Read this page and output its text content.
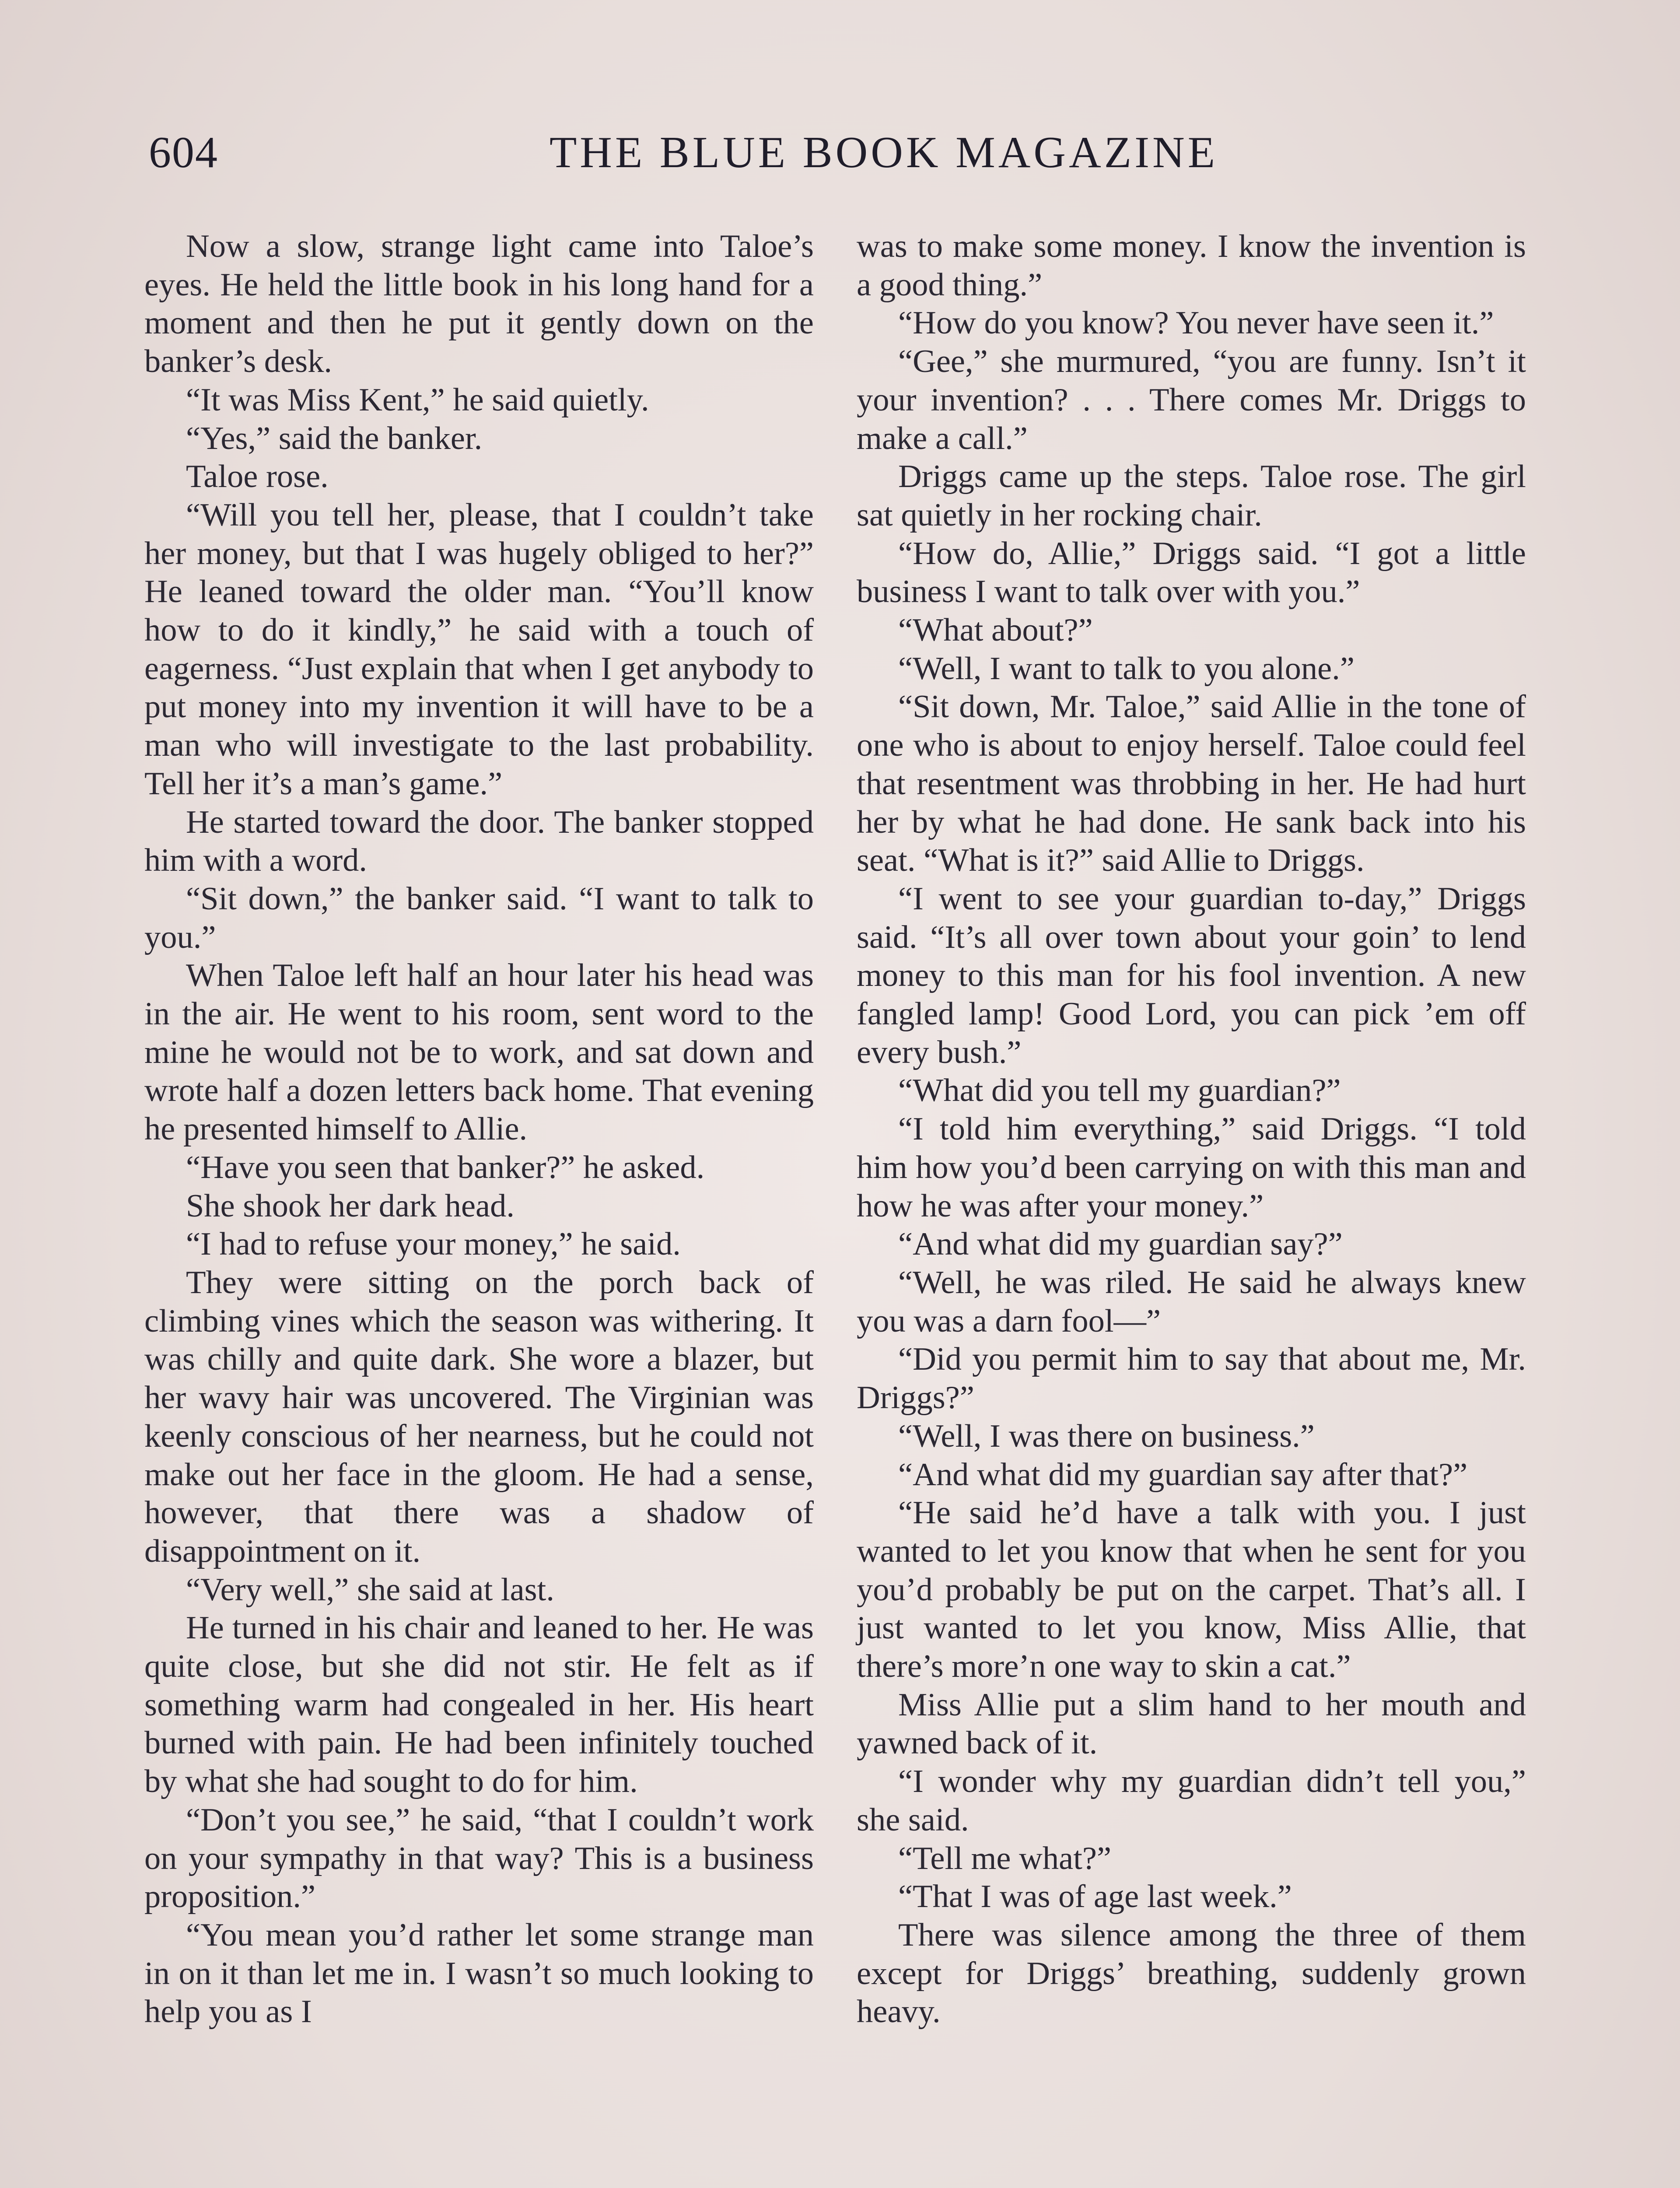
604	THE BLUE BOOK MAGAZINE

Now a slow, strange light came into Taloe’s eyes. He held the little book in his long hand for a moment and then he put it gently down on the banker’s desk.

“It was Miss Kent,” he said quietly.

“Yes,” said the banker.

Taloe rose.

“Will you tell her, please, that I couldn’t take her money, but that I was hugely obliged to her?” He leaned toward the older man. “You’ll know how to do it kindly,” he said with a touch of eagerness. “Just explain that when I get anybody to put money into my invention it will have to be a man who will investigate to the last probability. Tell her it’s a man’s game.”

He started toward the door. The banker stopped him with a word.

“Sit down,” the banker said. “I want to talk to you.”

When Taloe left half an hour later his head was in the air. He went to his room, sent word to the mine he would not be to work, and sat down and wrote half a dozen letters back home. That evening he presented himself to Allie.

“Have you seen that banker?” he asked.

She shook her dark head.

“I had to refuse your money,” he said.

They were sitting on the porch back of climbing vines which the season was withering. It was chilly and quite dark. She wore a blazer, but her wavy hair was uncovered. The Virginian was keenly conscious of her nearness, but he could not make out her face in the gloom. He had a sense, however, that there was a shadow of disappointment on it.

“Very well,” she said at last.

He turned in his chair and leaned to her. He was quite close, but she did not stir. He felt as if something warm had congealed in her. His heart burned with pain. He had been infinitely touched by what she had sought to do for him.

“Don’t you see,” he said, “that I couldn’t work on your sympathy in that way? This is a business proposition.”

“You mean you’d rather let some strange man in on it than let me in. I wasn’t so much looking to help you as I

was to make some money. I know the invention is a good thing.”

“How do you know? You never have seen it.”

“Gee,” she murmured, “you are funny. Isn’t it your invention? . . . There comes Mr. Driggs to make a call.”

Driggs came up the steps. Taloe rose. The girl sat quietly in her rocking chair.

“How do, Allie,” Driggs said. “I got a little business I want to talk over with you.”

“What about?”

“Well, I want to talk to you alone.”

“Sit down, Mr. Taloe,” said Allie in the tone of one who is about to enjoy herself. Taloe could feel that resentment was throbbing in her. He had hurt her by what he had done. He sank back into his seat. “What is it?” said Allie to Driggs.

“I went to see your guardian to-day,” Driggs said. “It’s all over town about your goin’ to lend money to this man for his fool invention. A new fangled lamp! Good Lord, you can pick ’em off every bush.”

“What did you tell my guardian?”

“I told him everything,” said Driggs. “I told him how you’d been carrying on with this man and how he was after your money.”

“And what did my guardian say?”

“Well, he was riled. He said he always knew you was a darn fool—”

“Did you permit him to say that about me, Mr. Driggs?”

“Well, I was there on business.”

“And what did my guardian say after that?”

“He said he’d have a talk with you. I just wanted to let you know that when he sent for you you’d probably be put on the carpet. That’s all. I just wanted to let you know, Miss Allie, that there’s more’n one way to skin a cat.”

Miss Allie put a slim hand to her mouth and yawned back of it.

“I wonder why my guardian didn’t tell you,” she said.

“Tell me what?”

“That I was of age last week.”

There was silence among the three of them except for Driggs’ breathing, suddenly grown heavy.
